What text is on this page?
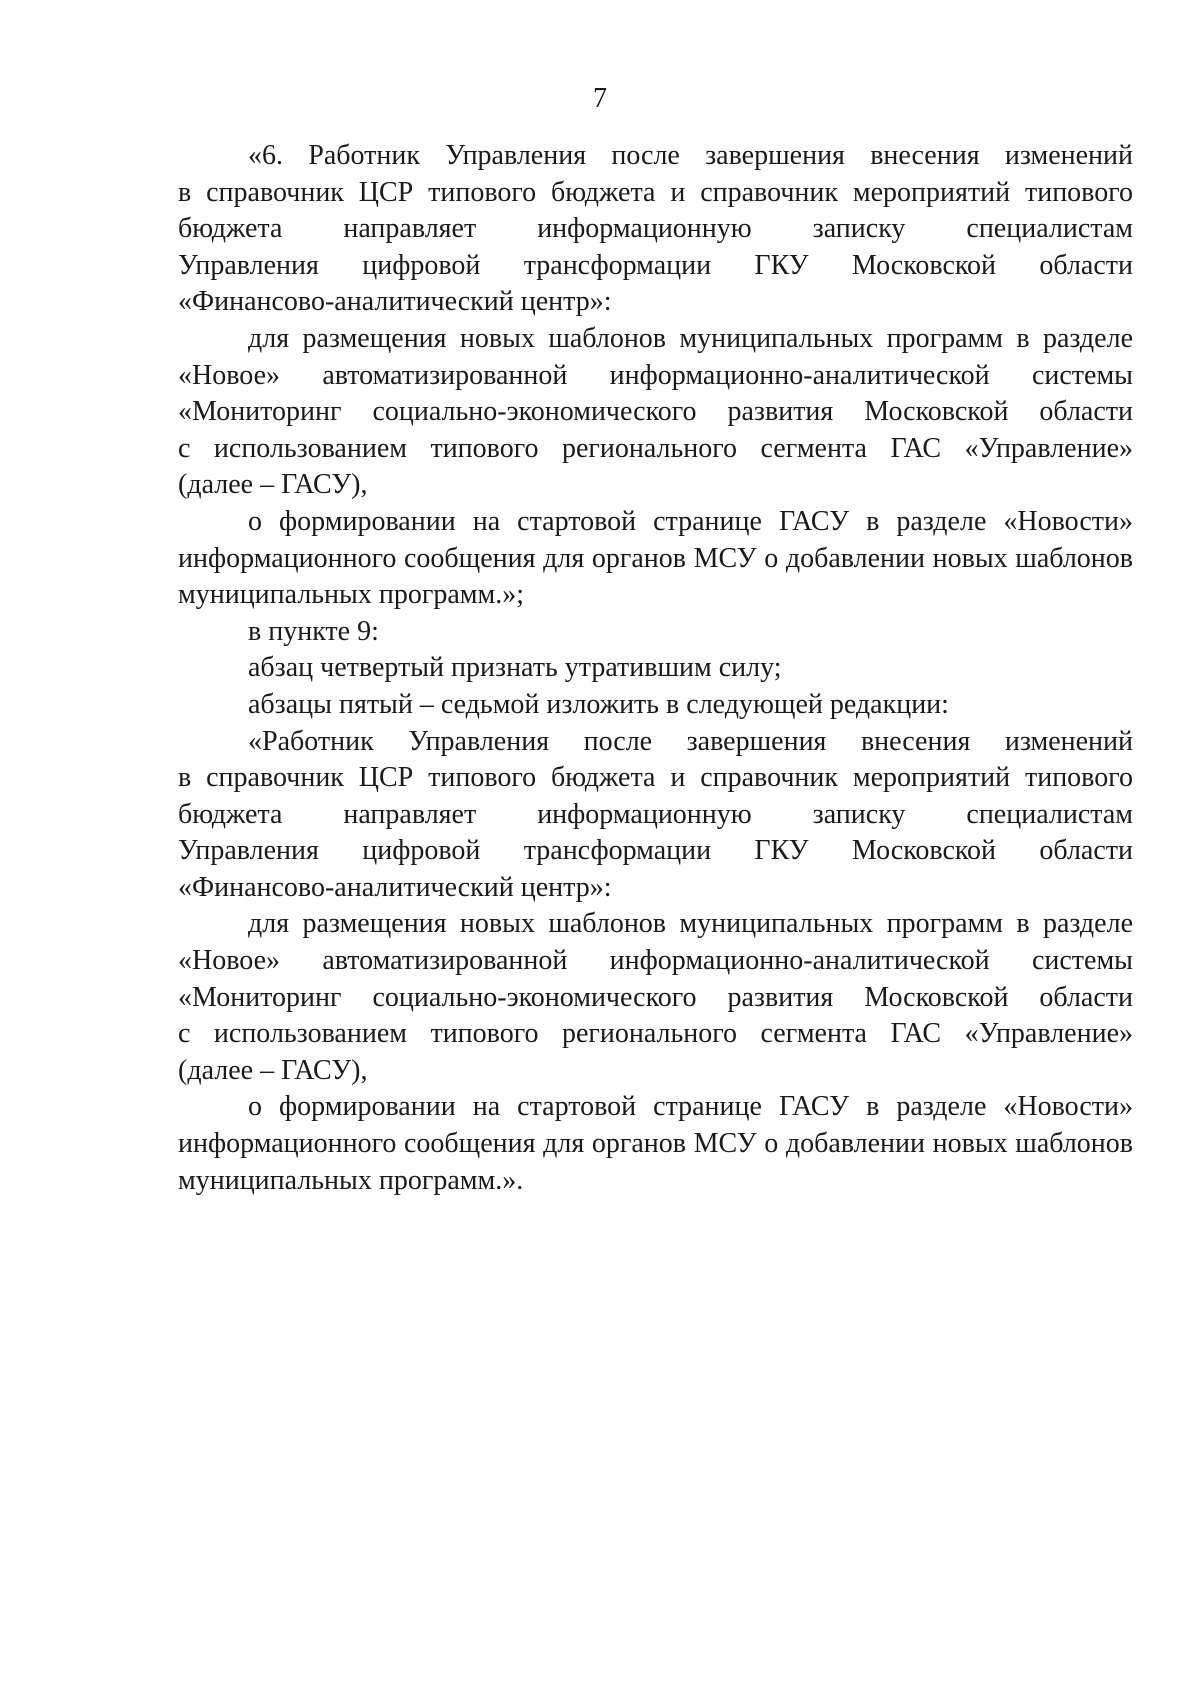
7
«6. Работник Управления после завершения внесения изменений
в справочник ЦСР типового бюджета и справочник мероприятий типового
бюджета направляет информационную записку специалистам
Управления цифровой трансформации ГКУ Московской области
«Финансово-аналитический центр»:
для размещения новых шаблонов муниципальных программ в разделе
«Новое» автоматизированной информационно-аналитической системы
«Мониторинг социально-экономического развития Московской области
с использованием типового регионального сегмента ГАС «Управление»
(далее – ГАСУ),
о формировании на стартовой странице ГАСУ в разделе «Новости»
информационного сообщения для органов МСУ о добавлении новых шаблонов
муниципальных программ.»;
в пункте 9:
абзац четвертый признать утратившим силу;
абзацы пятый – седьмой изложить в следующей редакции:
«Работник Управления после завершения внесения изменений
в справочник ЦСР типового бюджета и справочник мероприятий типового
бюджета направляет информационную записку специалистам
Управления цифровой трансформации ГКУ Московской области
«Финансово-аналитический центр»:
для размещения новых шаблонов муниципальных программ в разделе
«Новое» автоматизированной информационно-аналитической системы
«Мониторинг социально-экономического развития Московской области
с использованием типового регионального сегмента ГАС «Управление»
(далее – ГАСУ),
о формировании на стартовой странице ГАСУ в разделе «Новости»
информационного сообщения для органов МСУ о добавлении новых шаблонов
муниципальных программ.».
